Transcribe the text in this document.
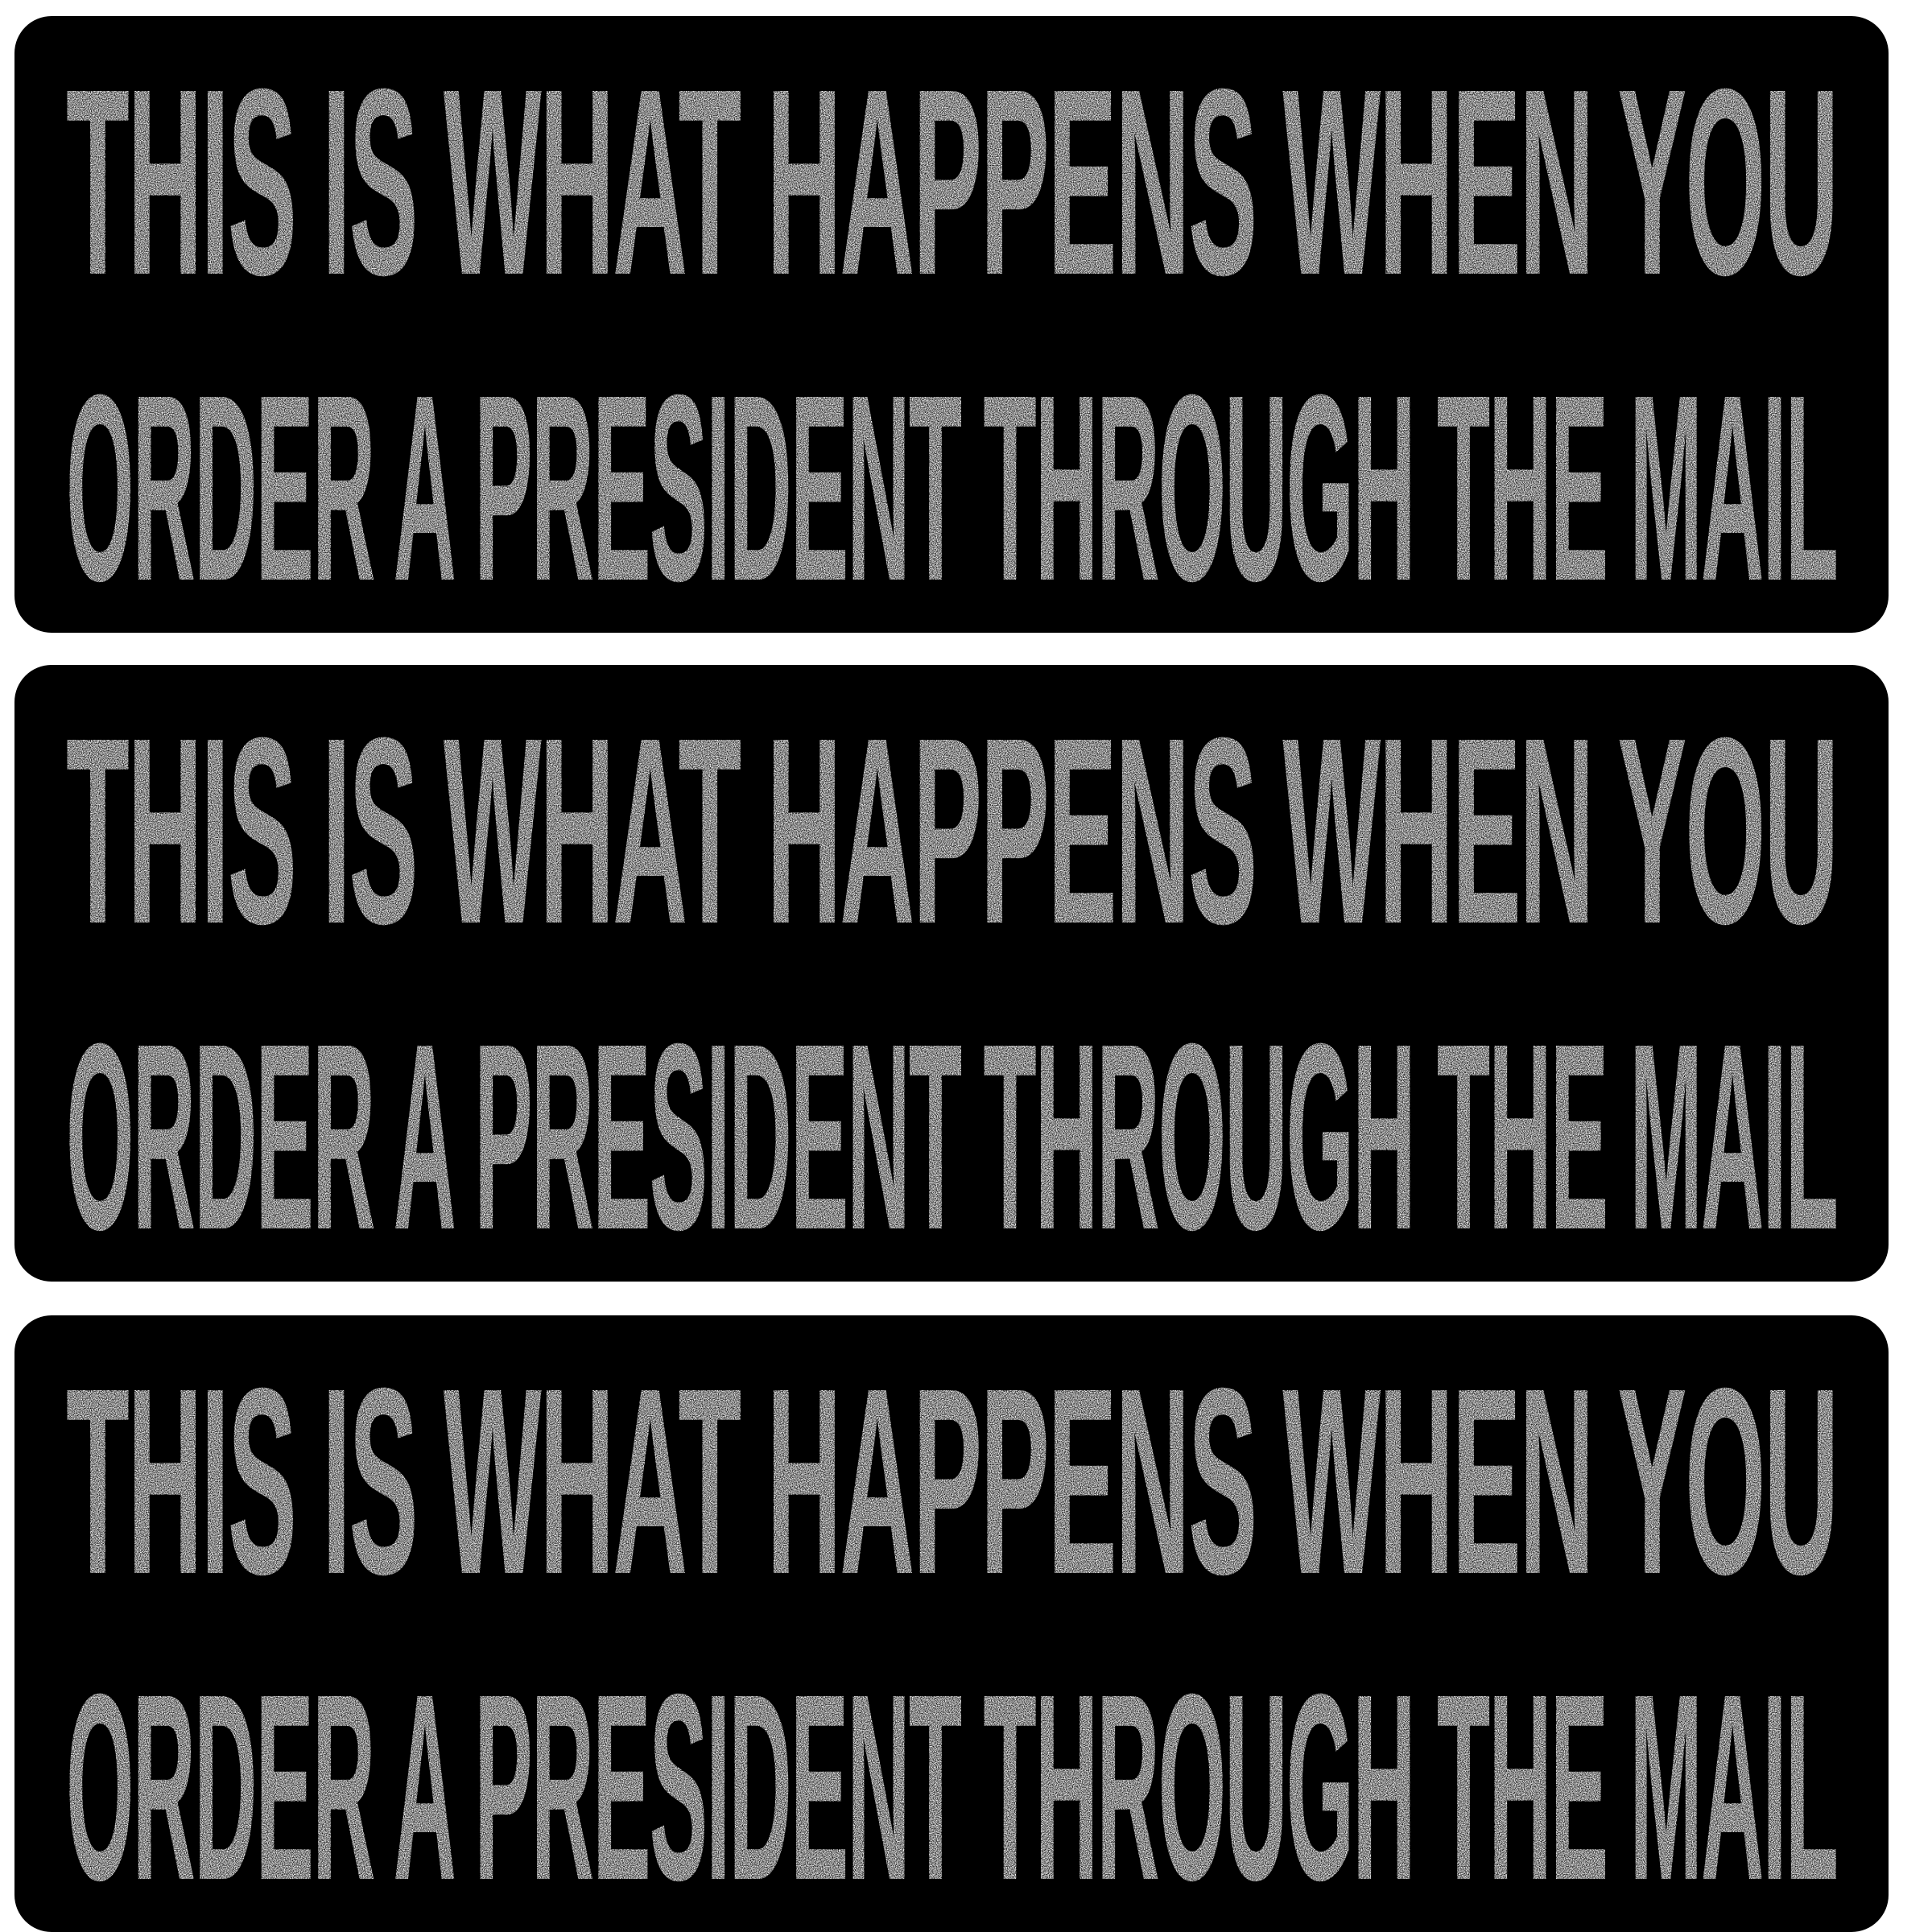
THIS IS WHAT HAPPENS WHEN YOU
ORDER A PRESIDENT THROUGH THE MAIL
THIS IS WHAT HAPPENS WHEN YOU
ORDER A PRESIDENT THROUGH THE MAIL
THIS IS WHAT HAPPENS WHEN YOU
ORDER A PRESIDENT THROUGH THE MAIL
